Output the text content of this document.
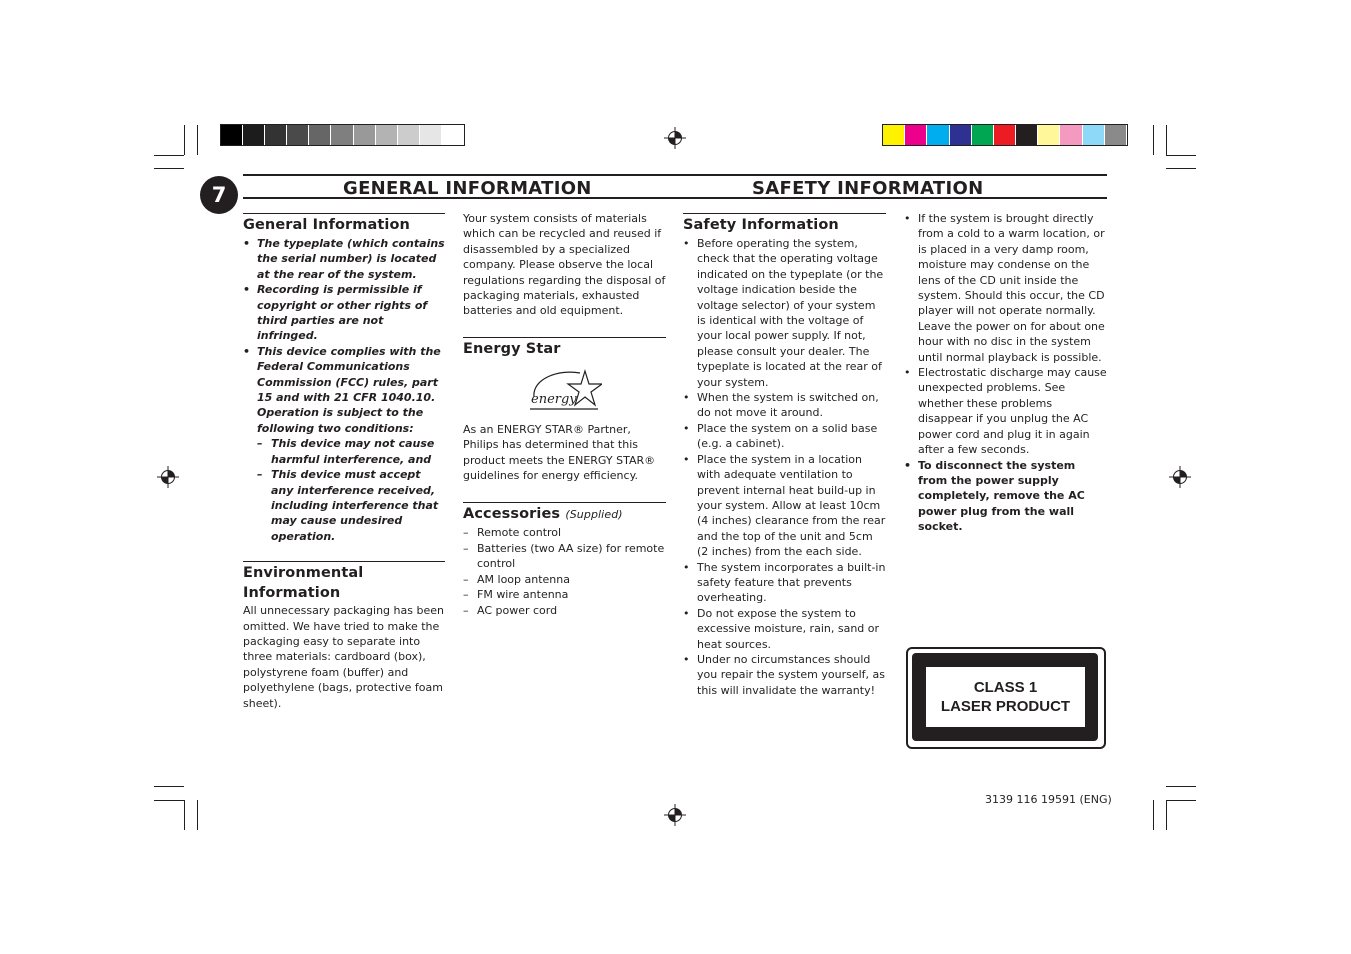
7	GENERAL INFORMATION	SAFETY INFORMATION
General Information
• The typeplate (which contains the serial number) is located at the rear of the system.
• Recording is permissible if copyright or other rights of third parties are not infringed.
• This device complies with the Federal Communications Commission (FCC) rules, part 15 and with 21 CFR 1040.10. Operation is subject to the following two conditions:
– This device may not cause harmful interference, and
– This device must accept any interference received, including interference that may cause undesired operation.
Environmental
Information

All unnecessary packaging has been omitted. We have tried to make the packaging easy to separate into three materials: cardboard (box), polystyrene foam (buffer) and polyethylene (bags, protective foam sheet).

Your system consists of materials which can be recycled and reused if disassembled by a specialized company. Please observe the local regulations regarding the disposal of packaging materials, exhausted batteries and old equipment.

Energy Star
energy

As an ENERGY STAR® Partner, Philips has determined that this product meets the ENERGY STAR® guidelines for energy efficiency.

Accessories (Supplied)
– Remote control
– Batteries (two AA size) for remote control
– AM loop antenna
– FM wire antenna
– AC power cord
Safety Information
• Before operating the system, check that the operating voltage indicated on the typeplate (or the voltage indication beside the voltage selector) of your system is identical with the voltage of your local power supply. If not, please consult your dealer. The typeplate is located at the rear of your system.
• When the system is switched on, do not move it around.
• Place the system on a solid base (e.g. a cabinet).
• Place the system in a location with adequate ventilation to prevent internal heat build-up in your system. Allow at least 10cm (4 inches) clearance from the rear and the top of the unit and 5cm (2 inches) from the each side.
• The system incorporates a built-in safety feature that prevents overheating.
• Do not expose the system to excessive moisture, rain, sand or heat sources.
• Under no circumstances should you repair the system yourself, as this will invalidate the warranty!
• If the system is brought directly from a cold to a warm location, or is placed in a very damp room, moisture may condense on the lens of the CD unit inside the system. Should this occur, the CD player will not operate normally. Leave the power on for about one hour with no disc in the system until normal playback is possible.
• Electrostatic discharge may cause unexpected problems. See whether these problems disappear if you unplug the AC power cord and plug it in again after a few seconds.
• To disconnect the system from the power supply completely, remove the AC power plug from the wall socket.
CLASS 1
LASER PRODUCT
3139 116 19591 (ENG)
